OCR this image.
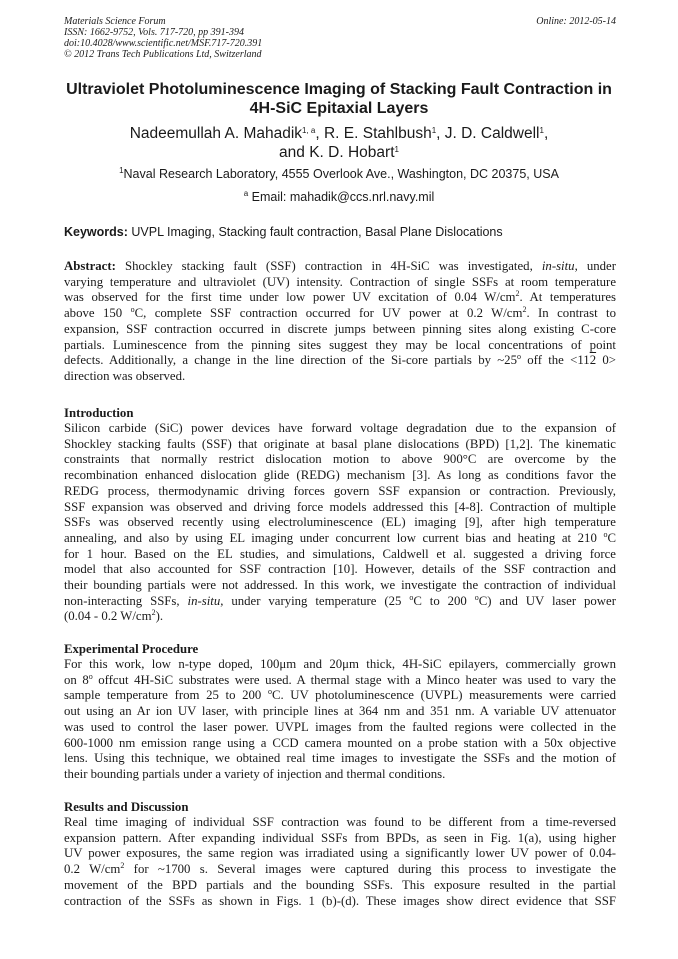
Materials Science Forum
ISSN: 1662-9752, Vols. 717-720, pp 391-394
doi:10.4028/www.scientific.net/MSF.717-720.391
© 2012 Trans Tech Publications Ltd, Switzerland
Online: 2012-05-14
Ultraviolet Photoluminescence Imaging of Stacking Fault Contraction in
4H-SiC Epitaxial Layers
Nadeemullah A. Mahadik$^{1, a}$, R. E. Stahlbush$^1$, J. D. Caldwell$^1$,
and K. D. Hobart$^1$
$^1$Naval Research Laboratory, 4555 Overlook Ave., Washington, DC 20375, USA
$^a$ Email: mahadik@ccs.nrl.navy.mil
Keywords: UVPL Imaging, Stacking fault contraction, Basal Plane Dislocations
Abstract: Shockley stacking fault (SSF) contraction in 4H-SiC was investigated, in-situ, under
varying temperature and ultraviolet (UV) intensity. Contraction of single SSFs at room temperature
was observed for the first time under low power UV excitation of 0.04 $W/cm^2$. At temperatures
above 150 $^o$C, complete SSF contraction occurred for UV power at 0.2 $W/cm^2$. In contrast to
expansion, SSF contraction occurred in discrete jumps between pinning sites along existing C-core
partials. Luminescence from the pinning sites suggest they may be local concentrations of point
defects. Additionally, a change in the line direction of the Si-core partials by ~25$^o$ off the <112 0>
direction was observed.
Introduction
Silicon carbide (SiC) power devices have forward voltage degradation due to the expansion of
Shockley stacking faults (SSF) that originate at basal plane dislocations (BPD) [1,2]. The kinematic
constraints that normally restrict dislocation motion to above 900°C are overcome by the
recombination enhanced dislocation glide (REDG) mechanism [3]. As long as conditions favor the
REDG process, thermodynamic driving forces govern SSF expansion or contraction. Previously,
SSF expansion was observed and driving force models addressed this [4-8]. Contraction of multiple
SSFs was observed recently using electroluminescence (EL) imaging [9], after high temperature
annealing, and also by using EL imaging under concurrent low current bias and heating at 210 $^o$C
for 1 hour. Based on the EL studies, and simulations, Caldwell et al. suggested a driving force
model that also accounted for SSF contraction [10]. However, details of the SSF contraction and
their bounding partials were not addressed. In this work, we investigate the contraction of individual
non-interacting SSFs, in-situ, under varying temperature (25 $^o$C to 200 $^o$C) and UV laser power
(0.04 - 0.2 $W/cm^2$).
Experimental Procedure
For this work, low n-type doped, 100μm and 20μm thick, 4H-SiC epilayers, commercially grown
on 8$^o$ offcut 4H-SiC substrates were used. A thermal stage with a Minco heater was used to vary the
sample temperature from 25 to 200 $^o$C. UV photoluminescence (UVPL) measurements were carried
out using an Ar ion UV laser, with principle lines at 364 nm and 351 nm. A variable UV attenuator
was used to control the laser power. UVPL images from the faulted regions were collected in the
600-1000 nm emission range using a CCD camera mounted on a probe station with a 50x objective
lens. Using this technique, we obtained real time images to investigate the SSFs and the motion of
their bounding partials under a variety of injection and thermal conditions.
Results and Discussion
Real time imaging of individual SSF contraction was found to be different from a time-reversed
expansion pattern. After expanding individual SSFs from BPDs, as seen in Fig. 1(a), using higher
UV power exposures, the same region was irradiated using a significantly lower UV power of 0.04-
0.2 $W/cm^2$ for ~1700 s. Several images were captured during this process to investigate the
movement of the BPD partials and the bounding SSFs. This exposure resulted in the partial
contraction of the SSFs as shown in Figs. 1 (b)-(d). These images show direct evidence that SSF
